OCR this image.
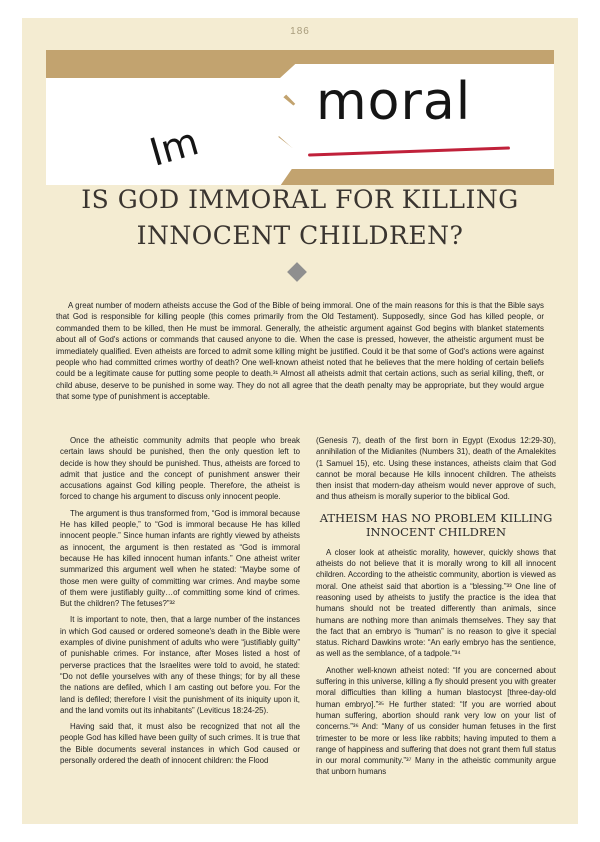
186
Im
moral
IS GOD IMMORAL FOR KILLING INNOCENT CHILDREN?

A great number of modern atheists accuse the God of the Bible of being immoral. One of the main reasons for this is that the Bible says that God is responsible for killing people (this comes primarily from the Old Testament). Supposedly, since God has killed people, or commanded them to be killed, then He must be immoral. Generally, the atheistic argument against God begins with blanket statements about all of God's actions or commands that caused anyone to die. When the case is pressed, however, the atheistic argument must be immediately qualified. Even atheists are forced to admit some killing might be justified. Could it be that some of God's actions were against people who had committed crimes worthy of death? One well-known atheist noted that he believes that the mere holding of certain beliefs could be a legitimate cause for putting some people to death.³¹ Almost all atheists admit that certain actions, such as serial killing, theft, or child abuse, deserve to be punished in some way. They do not all agree that the death penalty may be appropriate, but they would argue that some type of punishment is acceptable.

Once the atheistic community admits that people who break certain laws should be punished, then the only question left to decide is how they should be punished. Thus, atheists are forced to admit that justice and the concept of punishment answer their accusations against God killing people. Therefore, the atheist is forced to change his argument to discuss only innocent people.

The argument is thus transformed from, “God is immoral because He has killed people,” to “God is immoral because He has killed innocent people.” Since human infants are rightly viewed by atheists as innocent, the argument is then restated as “God is immoral because He has killed innocent human infants.” One atheist writer summarized this argument well when he stated: “Maybe some of those men were guilty of committing war crimes. And maybe some of them were justifiably guilty…of committing some kind of crimes. But the children? The fetuses?”³²

It is important to note, then, that a large number of the instances in which God caused or ordered someone's death in the Bible were examples of divine punishment of adults who were “justifiably guilty” of punishable crimes. For instance, after Moses listed a host of perverse practices that the Israelites were told to avoid, he stated: “Do not defile yourselves with any of these things; for by all these the nations are defiled, which I am casting out before you. For the land is defiled; therefore I visit the punishment of its iniquity upon it, and the land vomits out its inhabitants” (Leviticus 18:24-25).

Having said that, it must also be recognized that not all the people God has killed have been guilty of such crimes. It is true that the Bible documents several instances in which God caused or personally ordered the death of innocent children: the Flood

(Genesis 7), death of the first born in Egypt (Exodus 12:29-30), annihilation of the Midianites (Numbers 31), death of the Amalekites (1 Samuel 15), etc. Using these instances, atheists claim that God cannot be moral because He kills innocent children. The atheists then insist that modern-day atheism would never approve of such, and thus atheism is morally superior to the biblical God.

ATHEISM HAS NO PROBLEM KILLING INNOCENT CHILDREN

A closer look at atheistic morality, however, quickly shows that atheists do not believe that it is morally wrong to kill all innocent children. According to the atheistic community, abortion is viewed as moral. One atheist said that abortion is a “blessing.”³³ One line of reasoning used by atheists to justify the practice is the idea that humans should not be treated differently than animals, since humans are nothing more than animals themselves. They say that the fact that an embryo is “human” is no reason to give it special status. Richard Dawkins wrote: “An early embryo has the sentience, as well as the semblance, of a tadpole.”³⁴

Another well-known atheist noted: “If you are concerned about suffering in this universe, killing a fly should present you with greater moral difficulties than killing a human blastocyst [three-day-old human embryo].”³⁵ He further stated: “If you are worried about human suffering, abortion should rank very low on your list of concerns.”³⁶ And: “Many of us consider human fetuses in the first trimester to be more or less like rabbits; having imputed to them a range of happiness and suffering that does not grant them full status in our moral community.”³⁷ Many in the atheistic community argue that unborn humans
